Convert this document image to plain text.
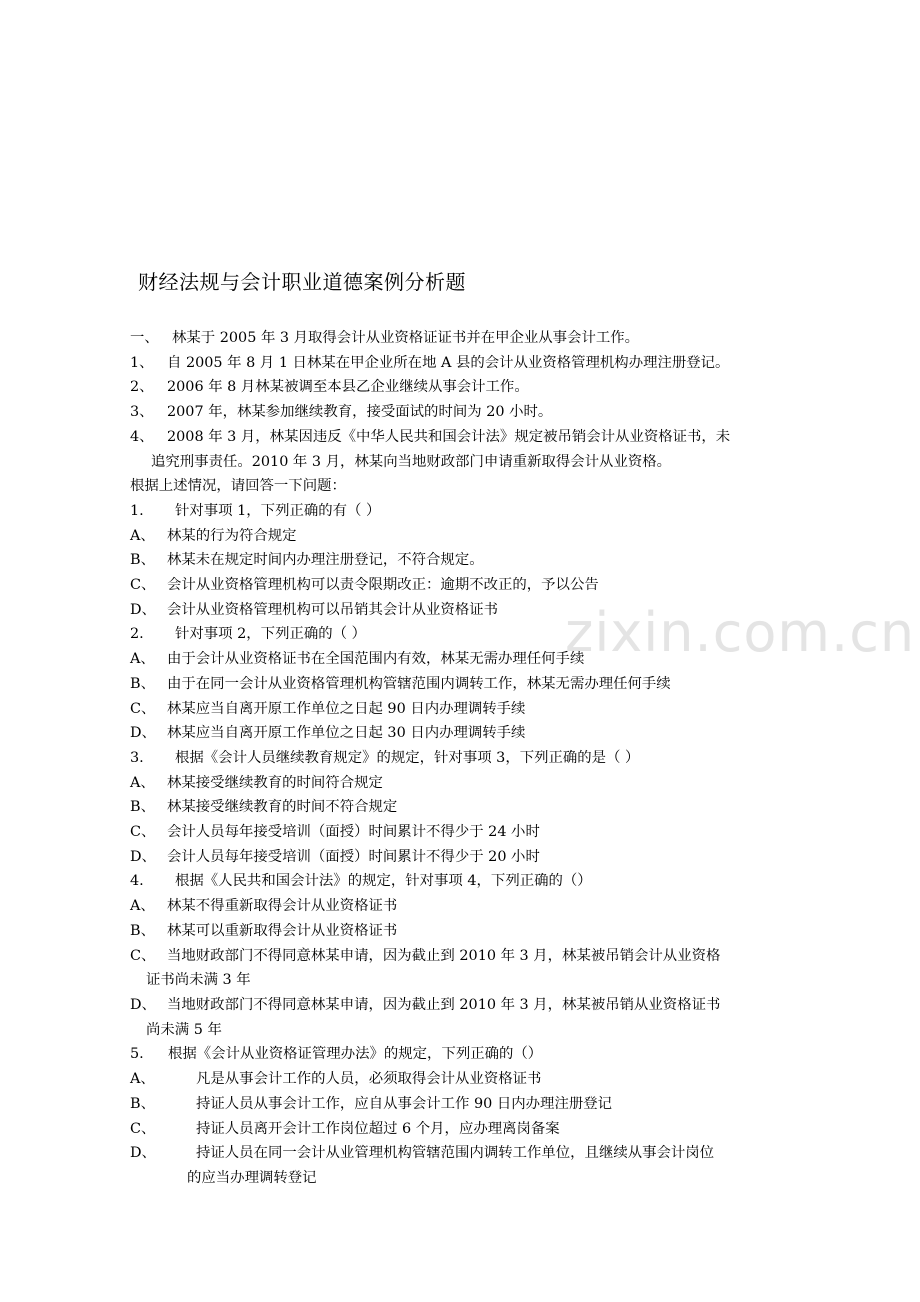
zixin.com.cn
财经法规与会计职业道德案例分析题
一、 林某于 2005 年 3 月取得会计从业资格证证书并在甲企业从事会计工作。
1、 自 2005 年 8 月 1 日林某在甲企业所在地 A 县的会计从业资格管理机构办理注册登记。
2、 2006 年 8 月林某被调至本县乙企业继续从事会计工作。
3、 2007 年，林某参加继续教育，接受面试的时间为 20 小时。
4、 2008 年 3 月，林某因违反《中华人民共和国会计法》规定被吊销会计从业资格证书，未
追究刑事责任。2010 年 3 月，林某向当地财政部门申请重新取得会计从业资格。
根据上述情况，请回答一下问题：
1.	针对事项 1，下列正确的有（ ）
A、 林某的行为符合规定
B、 林某未在规定时间内办理注册登记，不符合规定。
C、 会计从业资格管理机构可以责令限期改正：逾期不改正的，予以公告
D、 会计从业资格管理机构可以吊销其会计从业资格证书
2.	针对事项 2，下列正确的（ ）
A、 由于会计从业资格证书在全国范围内有效，林某无需办理任何手续
B、 由于在同一会计从业资格管理机构管辖范围内调转工作，林某无需办理任何手续
C、 林某应当自离开原工作单位之日起 90 日内办理调转手续
D、 林某应当自离开原工作单位之日起 30 日内办理调转手续
3.	根据《会计人员继续教育规定》的规定，针对事项 3，下列正确的是（ ）
A、 林某接受继续教育的时间符合规定
B、 林某接受继续教育的时间不符合规定
C、 会计人员每年接受培训（面授）时间累计不得少于 24 小时
D、 会计人员每年接受培训（面授）时间累计不得少于 20 小时
4.	根据《人民共和国会计法》的规定，针对事项 4，下列正确的（）
A、 林某不得重新取得会计从业资格证书
B、 林某可以重新取得会计从业资格证书
C、 当地财政部门不得同意林某申请，因为截止到 2010 年 3 月，林某被吊销会计从业资格
证书尚未满 3 年
D、 当地财政部门不得同意林某申请，因为截止到 2010 年 3 月，林某被吊销从业资格证书
尚未满 5 年
5.	根据《会计从业资格证管理办法》的规定，下列正确的（）
A、	凡是从事会计工作的人员，必须取得会计从业资格证书
B、	持证人员从事会计工作，应自从事会计工作 90 日内办理注册登记
C、	持证人员离开会计工作岗位超过 6 个月，应办理离岗备案
D、	持证人员在同一会计从业管理机构管辖范围内调转工作单位，且继续从事会计岗位
的应当办理调转登记
